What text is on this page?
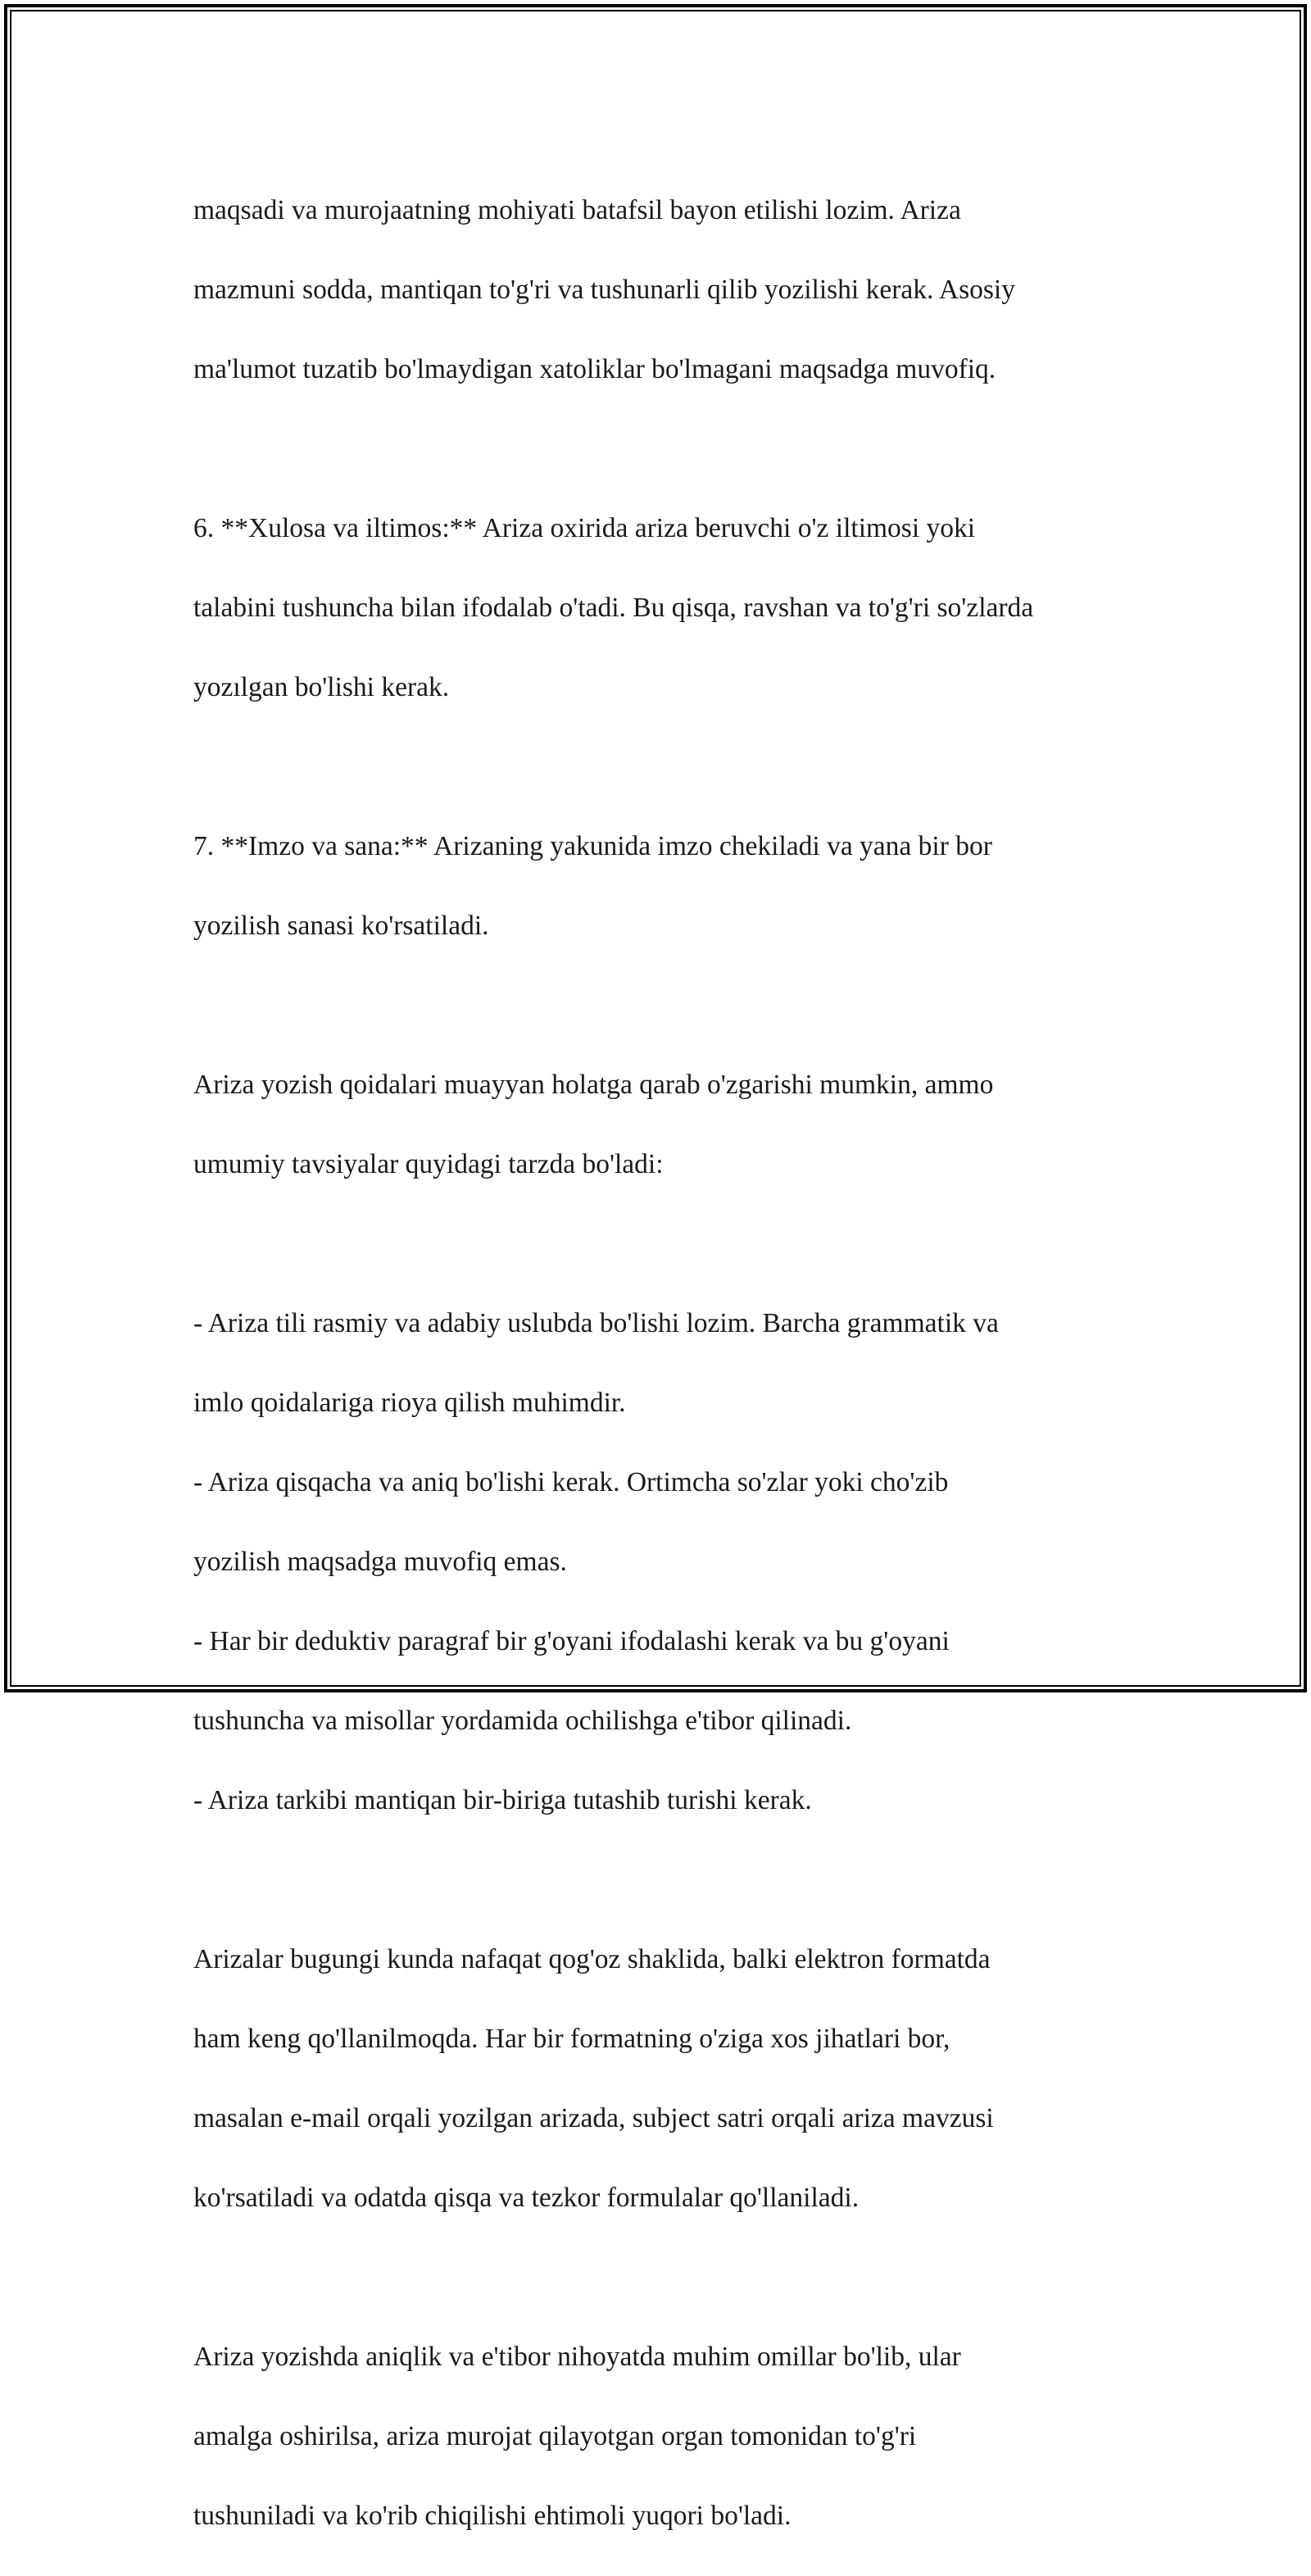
maqsadi va murojaatning mohiyati batafsil bayon etilishi lozim. Ariza

mazmuni sodda, mantiqan to'g'ri va tushunarli qilib yozilishi kerak. Asosiy

ma'lumot tuzatib bo'lmaydigan xatoliklar bo'lmagani maqsadga muvofiq.

6. **Xulosa va iltimos:** Ariza oxirida ariza beruvchi o'z iltimosi yoki

talabini tushuncha bilan ifodalab o'tadi. Bu qisqa, ravshan va to'g'ri so'zlarda

yozılgan bo'lishi kerak.

7. **Imzo va sana:** Arizaning yakunida imzo chekiladi va yana bir bor

yozilish sanasi ko'rsatiladi.

Ariza yozish qoidalari muayyan holatga qarab o'zgarishi mumkin, ammo

umumiy tavsiyalar quyidagi tarzda bo'ladi:

- Ariza tili rasmiy va adabiy uslubda bo'lishi lozim. Barcha grammatik va

imlo qoidalariga rioya qilish muhimdir.

- Ariza qisqacha va aniq bo'lishi kerak. Ortimcha so'zlar yoki cho'zib

yozilish maqsadga muvofiq emas.

- Har bir deduktiv paragraf bir g'oyani ifodalashi kerak va bu g'oyani

tushuncha va misollar yordamida ochilishga e'tibor qilinadi.

- Ariza tarkibi mantiqan bir-biriga tutashib turishi kerak.

Arizalar bugungi kunda nafaqat qog'oz shaklida, balki elektron formatda

ham keng qo'llanilmoqda. Har bir formatning o'ziga xos jihatlari bor,

masalan e-mail orqali yozilgan arizada, subject satri orqali ariza mavzusi

ko'rsatiladi va odatda qisqa va tezkor formulalar qo'llaniladi.

Ariza yozishda aniqlik va e'tibor nihoyatda muhim omillar bo'lib, ular

amalga oshirilsa, ariza murojat qilayotgan organ tomonidan to'g'ri

tushuniladi va ko'rib chiqilishi ehtimoli yuqori bo'ladi.
